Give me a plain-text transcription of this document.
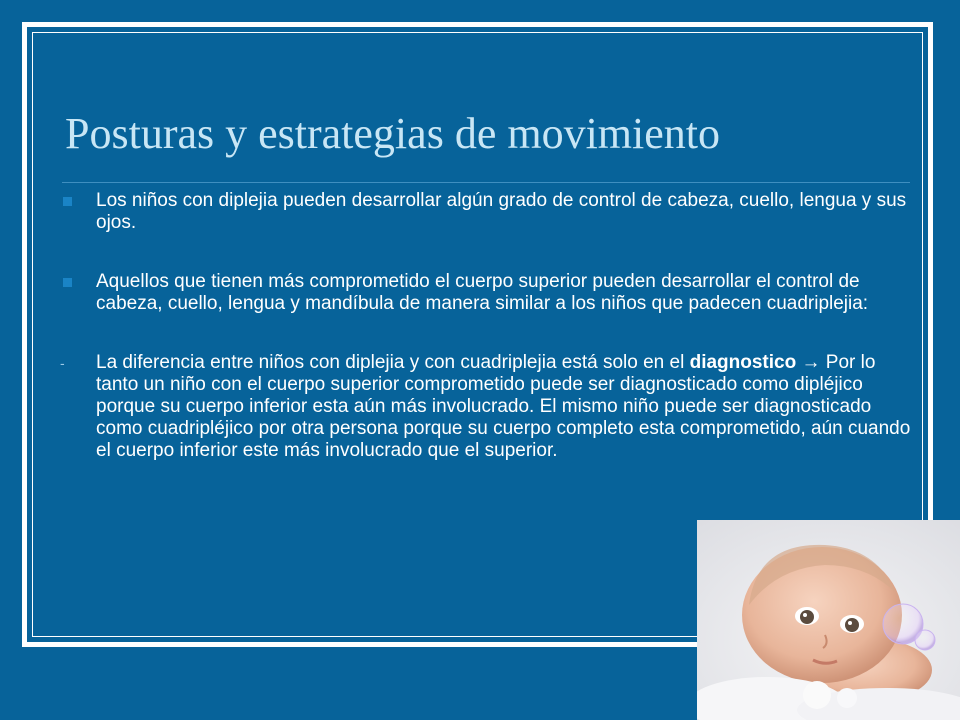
Posturas y estrategias de movimiento
Los niños con diplejia pueden desarrollar algún grado de control de cabeza, cuello, lengua y sus ojos.
Aquellos que tienen más comprometido el cuerpo superior pueden desarrollar el control de cabeza, cuello, lengua y mandíbula de manera similar a los niños que padecen cuadriplejia:
- La diferencia entre niños con diplejia y con cuadriplejia está solo en el diagnostico → Por lo tanto un niño con el cuerpo superior comprometido puede ser diagnosticado como dipléjico porque su cuerpo inferior esta aún más involucrado. El mismo niño puede ser diagnosticado como cuadripléjico por otra persona porque su cuerpo completo esta comprometido, aún cuando el cuerpo inferior este más involucrado que el superior.
